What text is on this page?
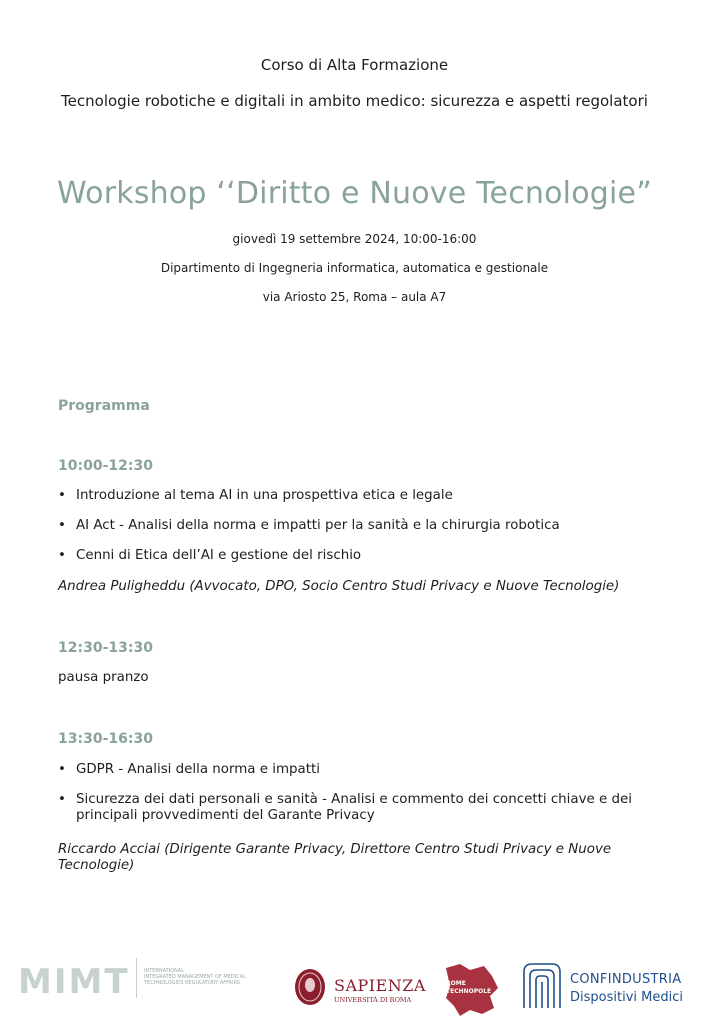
Corso di Alta Formazione
Tecnologie robotiche e digitali in ambito medico: sicurezza e aspetti regolatori
Workshop ‘‘Diritto e Nuove Tecnologie”
giovedì 19 settembre 2024, 10:00-16:00
Dipartimento di Ingegneria informatica, automatica e gestionale
via Ariosto 25, Roma – aula A7
Programma
10:00-12:30
• Introduzione al tema AI in una prospettiva etica e legale
• AI Act - Analisi della norma e impatti per la sanità e la chirurgia robotica
• Cenni di Etica dell’AI e gestione del rischio
Andrea Puligheddu (Avvocato, DPO, Socio Centro Studi Privacy e Nuove Tecnologie)
12:30-13:30
pausa pranzo
13:30-16:30
• GDPR - Analisi della norma e impatti
• Sicurezza dei dati personali e sanità - Analisi e commento dei concetti chiave e dei principali provvedimenti del Garante Privacy
Riccardo Acciai (Dirigente Garante Privacy, Direttore Centro Studi Privacy e Nuove Tecnologie)
MIMT	INTERNATIONAL
INTEGRATED MANAGEMENT OF MEDICAL
TECHNOLOGIES REGULATORY AFFAIRS	SAPIENZA
UNIVERSITÀ DI ROMA
ROME
TECHNOPOLE
CONFINDUSTRIA
Dispositivi Medici
